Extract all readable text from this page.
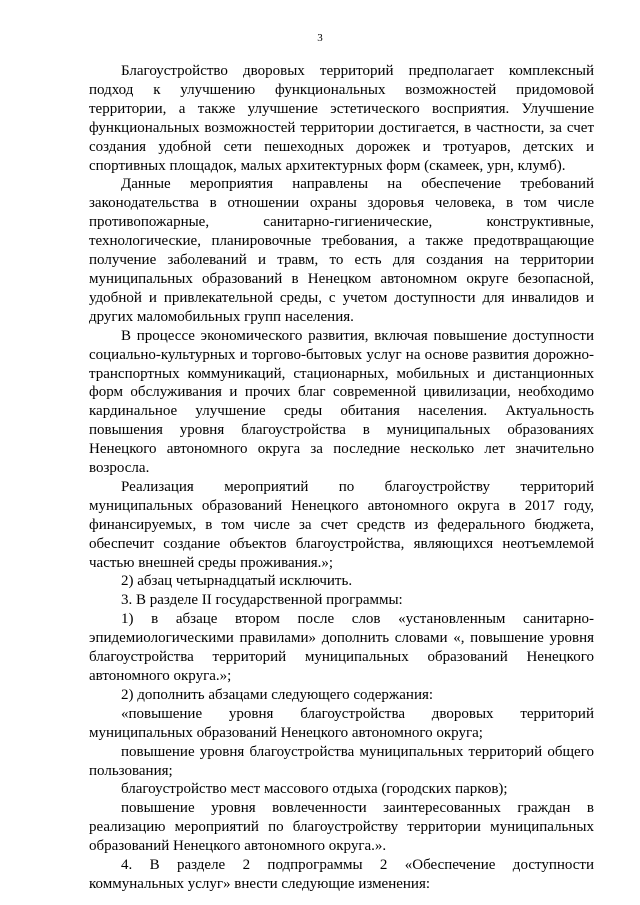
3

Благоустройство дворовых территорий предполагает комплексный подход к улучшению функциональных возможностей придомовой территории, а также улучшение эстетического восприятия. Улучшение функциональных возможностей территории достигается, в частности, за счет создания удобной сети пешеходных дорожек и тротуаров, детских и спортивных площадок, малых архитектурных форм (скамеек, урн, клумб).

Данные мероприятия направлены на обеспечение требований законодательства в отношении охраны здоровья человека, в том числе противопожарные, санитарно-гигиенические, конструктивные, технологические, планировочные требования, а также предотвращающие получение заболеваний и травм, то есть для создания на территории муниципальных образований в Ненецком автономном округе безопасной, удобной и привлекательной среды, с учетом доступности для инвалидов и других маломобильных групп населения.

В процессе экономического развития, включая повышение доступности социально-культурных и торгово-бытовых услуг на основе развития дорожно-транспортных коммуникаций, стационарных, мобильных и дистанционных форм обслуживания и прочих благ современной цивилизации, необходимо кардинальное улучшение среды обитания населения. Актуальность повышения уровня благоустройства в муниципальных образованиях Ненецкого автономного округа за последние несколько лет значительно возросла.

Реализация мероприятий по благоустройству территорий муниципальных образований Ненецкого автономного округа в 2017 году, финансируемых, в том числе за счет средств из федерального бюджета, обеспечит создание объектов благоустройства, являющихся неотъемлемой частью внешней среды проживания.»;

2) абзац четырнадцатый исключить.

3. В разделе II государственной программы:

1) в абзаце втором после слов «установленным санитарно-эпидемиологическими правилами» дополнить словами «, повышение уровня благоустройства территорий муниципальных образований Ненецкого автономного округа.»;

2) дополнить абзацами следующего содержания:

«повышение уровня благоустройства дворовых территорий муниципальных образований Ненецкого автономного округа;

повышение уровня благоустройства муниципальных территорий общего пользования;

благоустройство мест массового отдыха (городских парков);

повышение уровня вовлеченности заинтересованных граждан в реализацию мероприятий по благоустройству территории муниципальных образований Ненецкого автономного округа.».

4. В разделе 2 подпрограммы 2 «Обеспечение доступности коммунальных услуг» внести следующие изменения:
